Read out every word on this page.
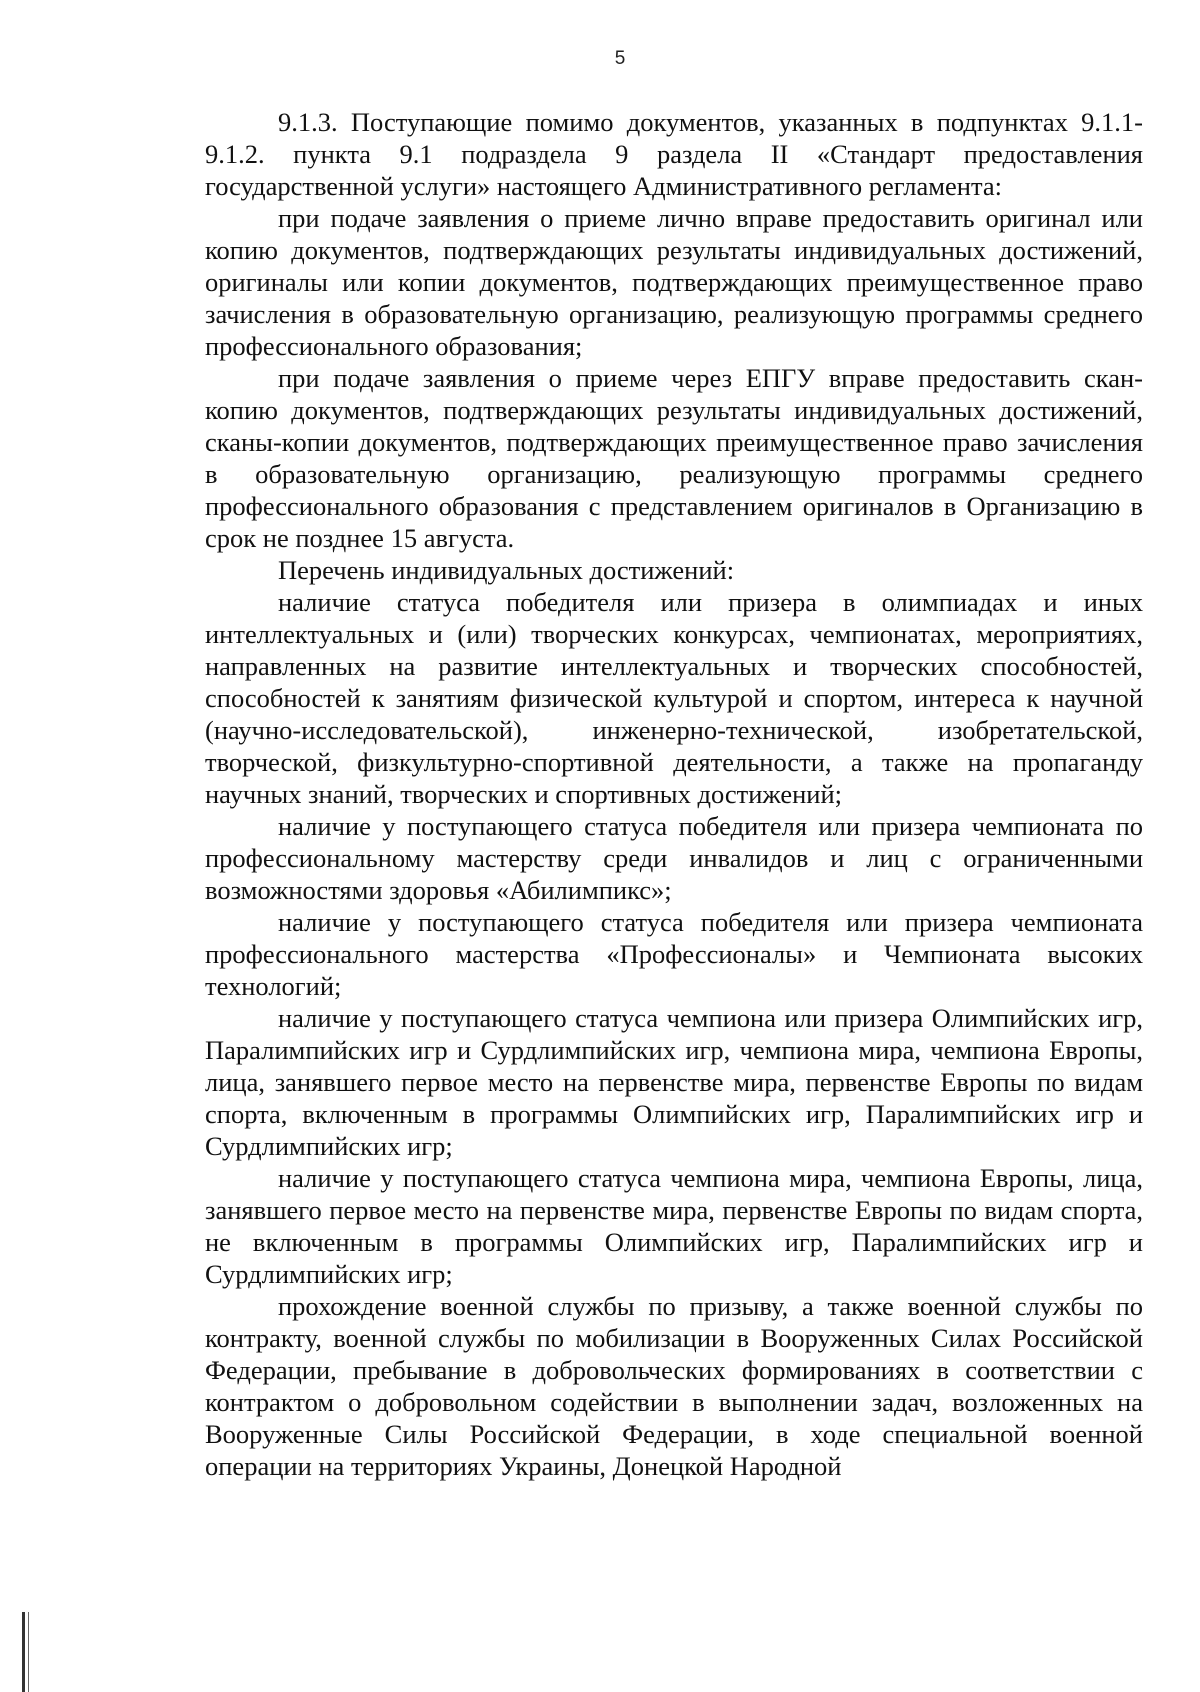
5

9.1.3. Поступающие помимо документов, указанных в подпунктах 9.1.1-9.1.2. пункта 9.1 подраздела 9 раздела II «Стандарт предоставления государственной услуги» настоящего Административного регламента:

при подаче заявления о приеме лично вправе предоставить оригинал или копию документов, подтверждающих результаты индивидуальных достижений, оригиналы или копии документов, подтверждающих преимущественное право зачисления в образовательную организацию, реализующую программы среднего профессионального образования;

при подаче заявления о приеме через ЕПГУ вправе предоставить скан-копию документов, подтверждающих результаты индивидуальных достижений, сканы-копии документов, подтверждающих преимущественное право зачисления в образовательную организацию, реализующую программы среднего профессионального образования с представлением оригиналов в Организацию в срок не позднее 15 августа.

Перечень индивидуальных достижений:

наличие статуса победителя или призера в олимпиадах и иных интеллектуальных и (или) творческих конкурсах, чемпионатах, мероприятиях, направленных на развитие интеллектуальных и творческих способностей, способностей к занятиям физической культурой и спортом, интереса к научной (научно-исследовательской), инженерно-технической, изобретательской, творческой, физкультурно-спортивной деятельности, а также на пропаганду научных знаний, творческих и спортивных достижений;

наличие у поступающего статуса победителя или призера чемпионата по профессиональному мастерству среди инвалидов и лиц с ограниченными возможностями здоровья «Абилимпикс»;

наличие у поступающего статуса победителя или призера чемпионата профессионального мастерства «Профессионалы» и Чемпионата высоких технологий;

наличие у поступающего статуса чемпиона или призера Олимпийских игр, Паралимпийских игр и Сурдлимпийских игр, чемпиона мира, чемпиона Европы, лица, занявшего первое место на первенстве мира, первенстве Европы по видам спорта, включенным в программы Олимпийских игр, Паралимпийских игр и Сурдлимпийских игр;

наличие у поступающего статуса чемпиона мира, чемпиона Европы, лица, занявшего первое место на первенстве мира, первенстве Европы по видам спорта, не включенным в программы Олимпийских игр, Паралимпийских игр и Сурдлимпийских игр;

прохождение военной службы по призыву, а также военной службы по контракту, военной службы по мобилизации в Вооруженных Силах Российской Федерации, пребывание в добровольческих формированиях в соответствии с контрактом о добровольном содействии в выполнении задач, возложенных на Вооруженные Силы Российской Федерации, в ходе специальной военной операции на территориях Украины, Донецкой Народной
